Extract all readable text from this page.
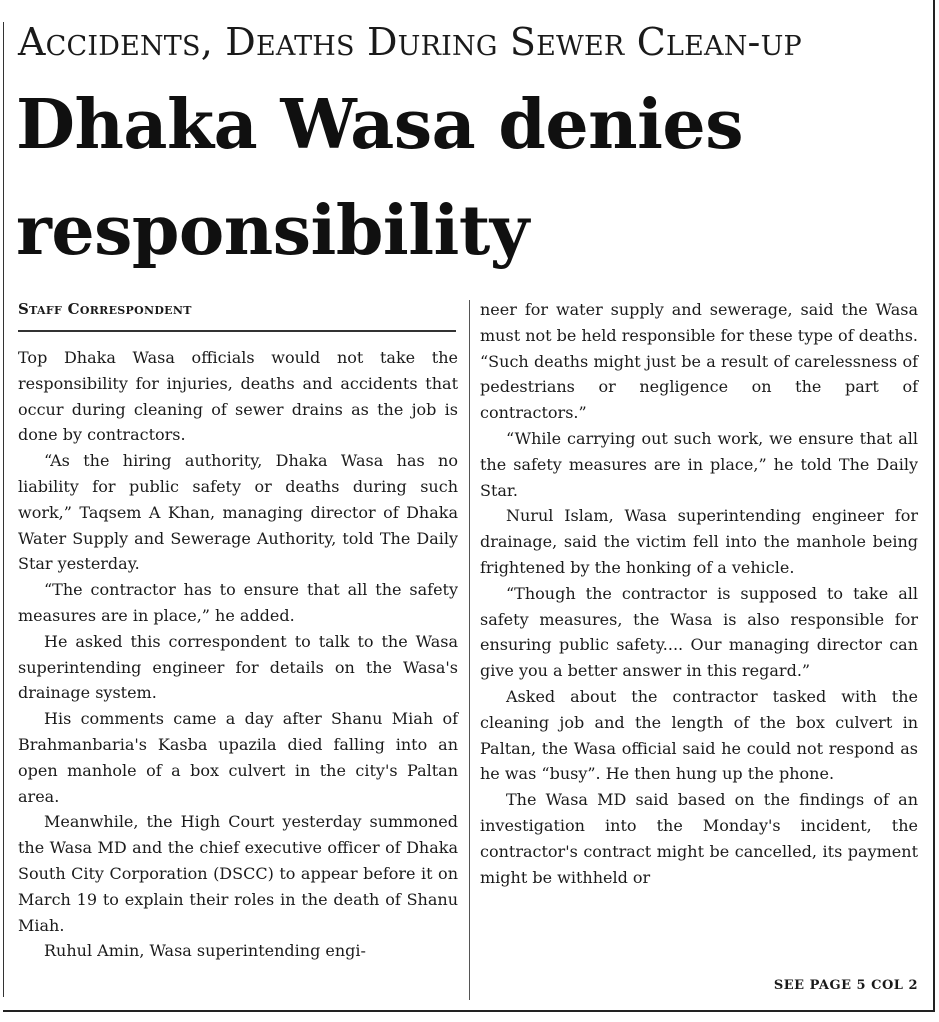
Accidents, Deaths During Sewer Clean-up
Dhaka Wasa denies
responsibility
Staff Correspondent

Top Dhaka Wasa officials would not take the responsibility for injuries, deaths and accidents that occur during cleaning of sewer drains as the job is done by contractors.

“As the hiring authority, Dhaka Wasa has no liability for public safety or deaths during such work,” Taqsem A Khan, managing director of Dhaka Water Supply and Sewerage Authority, told The Daily Star yesterday.

“The contractor has to ensure that all the safety measures are in place,” he added.

He asked this correspondent to talk to the Wasa superintending engineer for details on the Wasa's drainage system.

His comments came a day after Shanu Miah of Brahmanbaria's Kasba upazila died falling into an open manhole of a box culvert in the city's Paltan area.

Meanwhile, the High Court yesterday summoned the Wasa MD and the chief executive officer of Dhaka South City Corporation (DSCC) to appear before it on March 19 to explain their roles in the death of Shanu Miah.

Ruhul Amin, Wasa superintending engi-

neer for water supply and sewerage, said the Wasa must not be held responsible for these type of deaths. “Such deaths might just be a result of carelessness of pedestrians or negligence on the part of contractors.”

“While carrying out such work, we ensure that all the safety measures are in place,” he told The Daily Star.

Nurul Islam, Wasa superintending engineer for drainage, said the victim fell into the manhole being frightened by the honking of a vehicle.

“Though the contractor is supposed to take all safety measures, the Wasa is also responsible for ensuring public safety.... Our managing director can give you a better answer in this regard.”

Asked about the contractor tasked with the cleaning job and the length of the box culvert in Paltan, the Wasa official said he could not respond as he was “busy”. He then hung up the phone.

The Wasa MD said based on the findings of an investigation into the Monday's incident, the contractor's contract might be cancelled, its payment might be withheld or

SEE PAGE 5 COL 2
